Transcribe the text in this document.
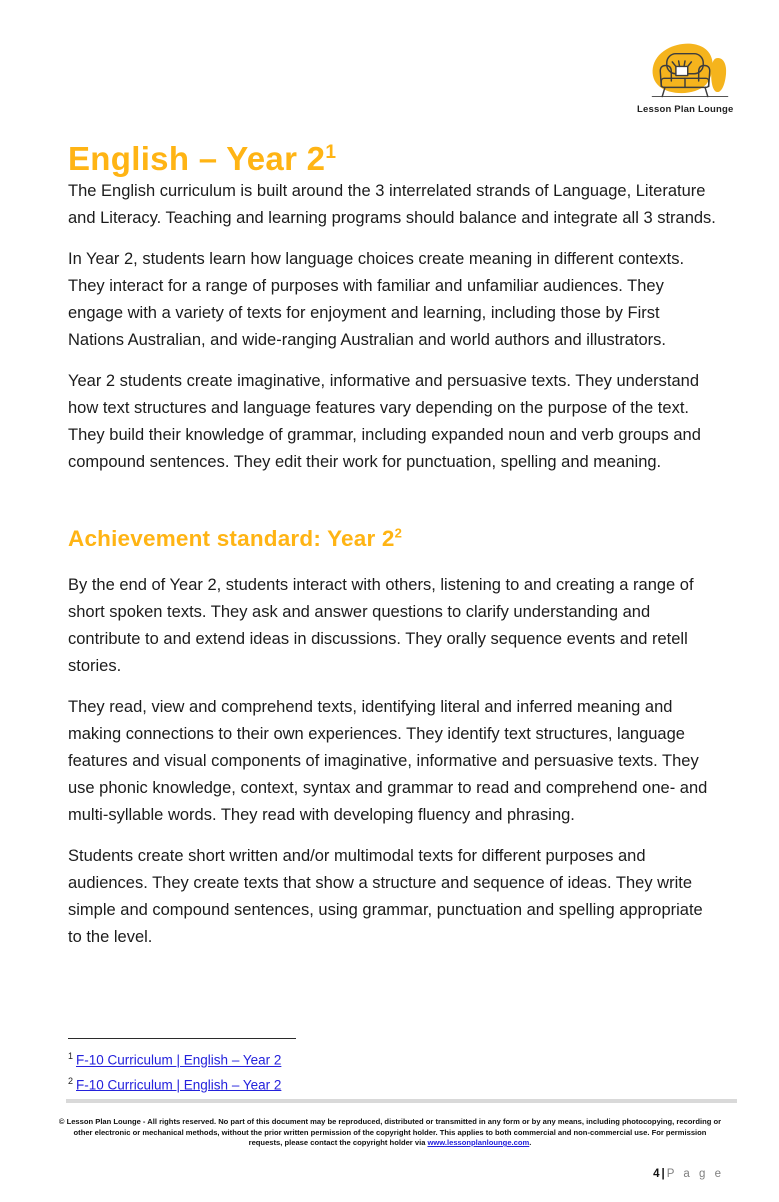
Lesson Plan Lounge
English – Year $2^1$

The English curriculum is built around the 3 interrelated strands of Language, Literature and Literacy. Teaching and learning programs should balance and integrate all 3 strands.

In Year 2, students learn how language choices create meaning in different contexts. They interact for a range of purposes with familiar and unfamiliar audiences. They engage with a variety of texts for enjoyment and learning, including those by First Nations Australian, and wide-ranging Australian and world authors and illustrators.

Year 2 students create imaginative, informative and persuasive texts. They understand how text structures and language features vary depending on the purpose of the text. They build their knowledge of grammar, including expanded noun and verb groups and compound sentences. They edit their work for punctuation, spelling and meaning.

Achievement standard: Year $2^2$

By the end of Year 2, students interact with others, listening to and creating a range of short spoken texts. They ask and answer questions to clarify understanding and contribute to and extend ideas in discussions. They orally sequence events and retell stories.

They read, view and comprehend texts, identifying literal and inferred meaning and making connections to their own experiences. They identify text structures, language features and visual components of imaginative, informative and persuasive texts. They use phonic knowledge, context, syntax and grammar to read and comprehend one- and multi-syllable words. They read with developing fluency and phrasing.

Students create short written and/or multimodal texts for different purposes and audiences. They create texts that show a structure and sequence of ideas. They write simple and compound sentences, using grammar, punctuation and spelling appropriate to the level.

$^1$ F-10 Curriculum | English – Year 2
$^2$ F-10 Curriculum | English – Year 2
© Lesson Plan Lounge - All rights reserved. No part of this document may be reproduced, distributed or transmitted in any form or by any means, including photocopying, recording or other electronic or mechanical methods, without the prior written permission of the copyright holder. This applies to both commercial and non-commercial use. For permission requests, please contact the copyright holder via www.lessonplanlounge.com.
4 | P a g e
